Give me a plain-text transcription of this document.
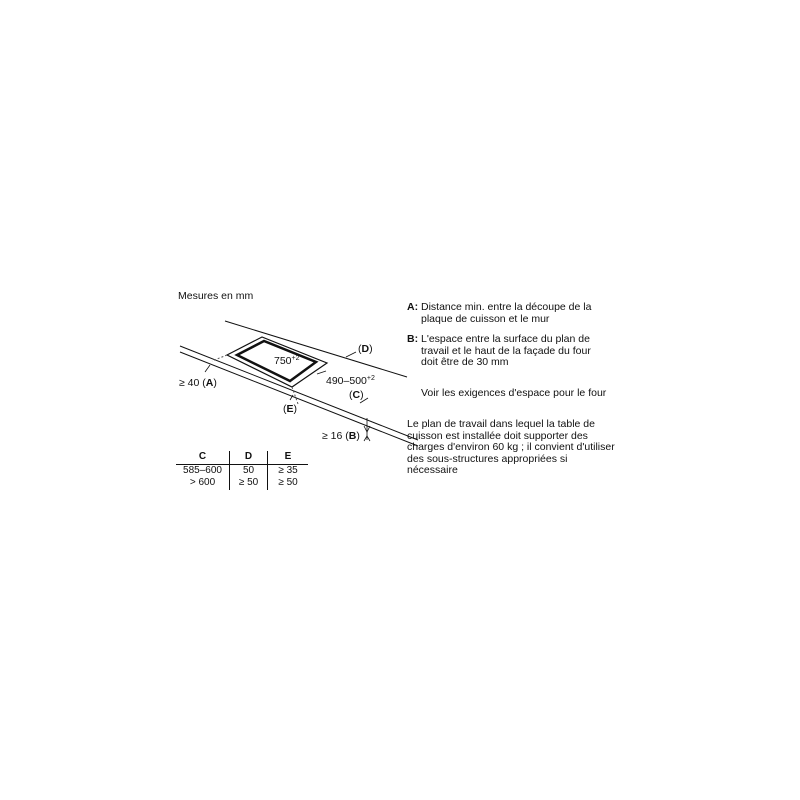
Mesures en mm
$750^{+2}$
$490-500^{+2}$
(D)
(C)
(E)
≥ 40 (A)
≥ 16 (B)
C	D	E
585–600	50	≥ 35
> 600	≥ 50	≥ 50
A: Distance min. entre la découpe de la
plaque de cuisson et le mur
B: L'espace entre la surface du plan de
travail et le haut de la façade du four
doit être de 30 mm
Voir les exigences d'espace pour le four
Le plan de travail dans lequel la table de
cuisson est installée doit supporter des
charges d'environ 60 kg ; il convient d'utiliser
des sous-structures appropriées si
nécessaire
